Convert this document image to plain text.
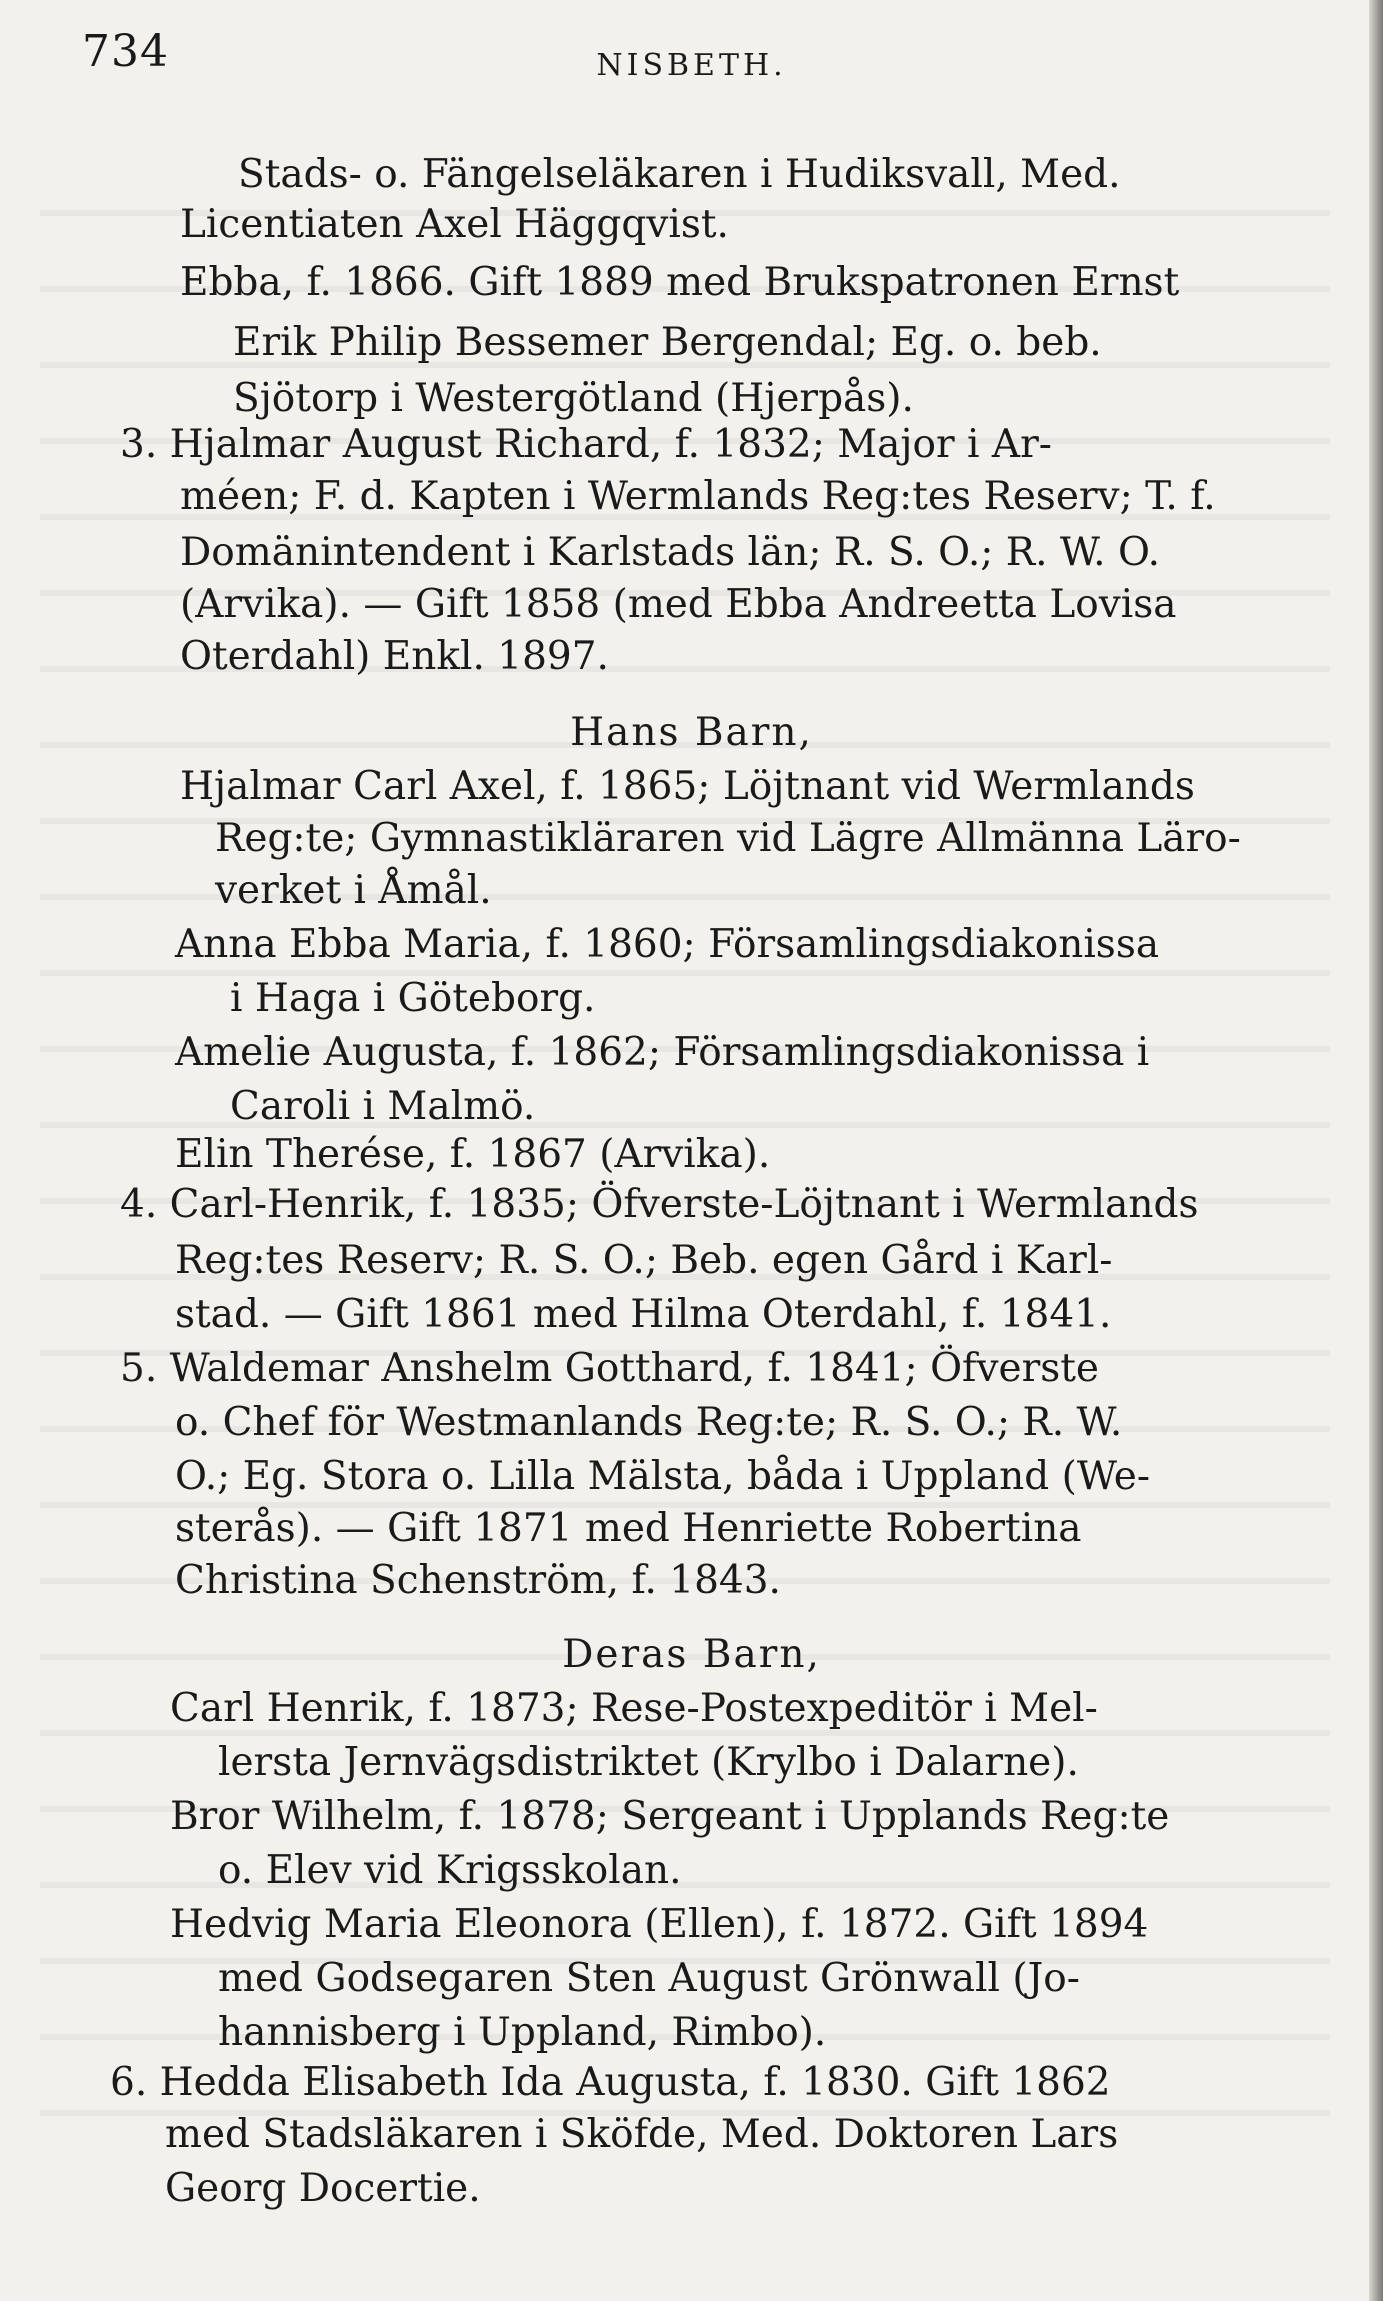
734	NISBETH.
Stads- o. Fängelseläkaren i Hudiksvall, Med.
Licentiaten Axel Häggqvist.
Ebba, f. 1866. Gift 1889 med Brukspatronen Ernst
Erik Philip Bessemer Bergendal; Eg. o. beb.
Sjötorp i Westergötland (Hjerpås).
3. Hjalmar August Richard, f. 1832; Major i Ar-
méen; F. d. Kapten i Wermlands Reg:tes Reserv; T. f.
Domänintendent i Karlstads län; R. S. O.; R. W. O.
(Arvika). — Gift 1858 (med Ebba Andreetta Lovisa
Oterdahl) Enkl. 1897.
Hans Barn,
Hjalmar Carl Axel, f. 1865; Löjtnant vid Wermlands
Reg:te; Gymnastikläraren vid Lägre Allmänna Läro-
verket i Åmål.
Anna Ebba Maria, f. 1860; Församlingsdiakonissa
i Haga i Göteborg.
Amelie Augusta, f. 1862; Församlingsdiakonissa i
Caroli i Malmö.
Elin Therése, f. 1867 (Arvika).
4. Carl-Henrik, f. 1835; Öfverste-Löjtnant i Wermlands
Reg:tes Reserv; R. S. O.; Beb. egen Gård i Karl-
stad. — Gift 1861 med Hilma Oterdahl, f. 1841.
5. Waldemar Anshelm Gotthard, f. 1841; Öfverste
o. Chef för Westmanlands Reg:te; R. S. O.; R. W.
O.; Eg. Stora o. Lilla Mälsta, båda i Uppland (We-
sterås). — Gift 1871 med Henriette Robertina
Christina Schenström, f. 1843.
Deras Barn,
Carl Henrik, f. 1873; Rese-Postexpeditör i Mel-
lersta Jernvägsdistriktet (Krylbo i Dalarne).
Bror Wilhelm, f. 1878; Sergeant i Upplands Reg:te
o. Elev vid Krigsskolan.
Hedvig Maria Eleonora (Ellen), f. 1872. Gift 1894
med Godsegaren Sten August Grönwall (Jo-
hannisberg i Uppland, Rimbo).
6. Hedda Elisabeth Ida Augusta, f. 1830. Gift 1862
med Stadsläkaren i Sköfde, Med. Doktoren Lars
Georg Docertie.
